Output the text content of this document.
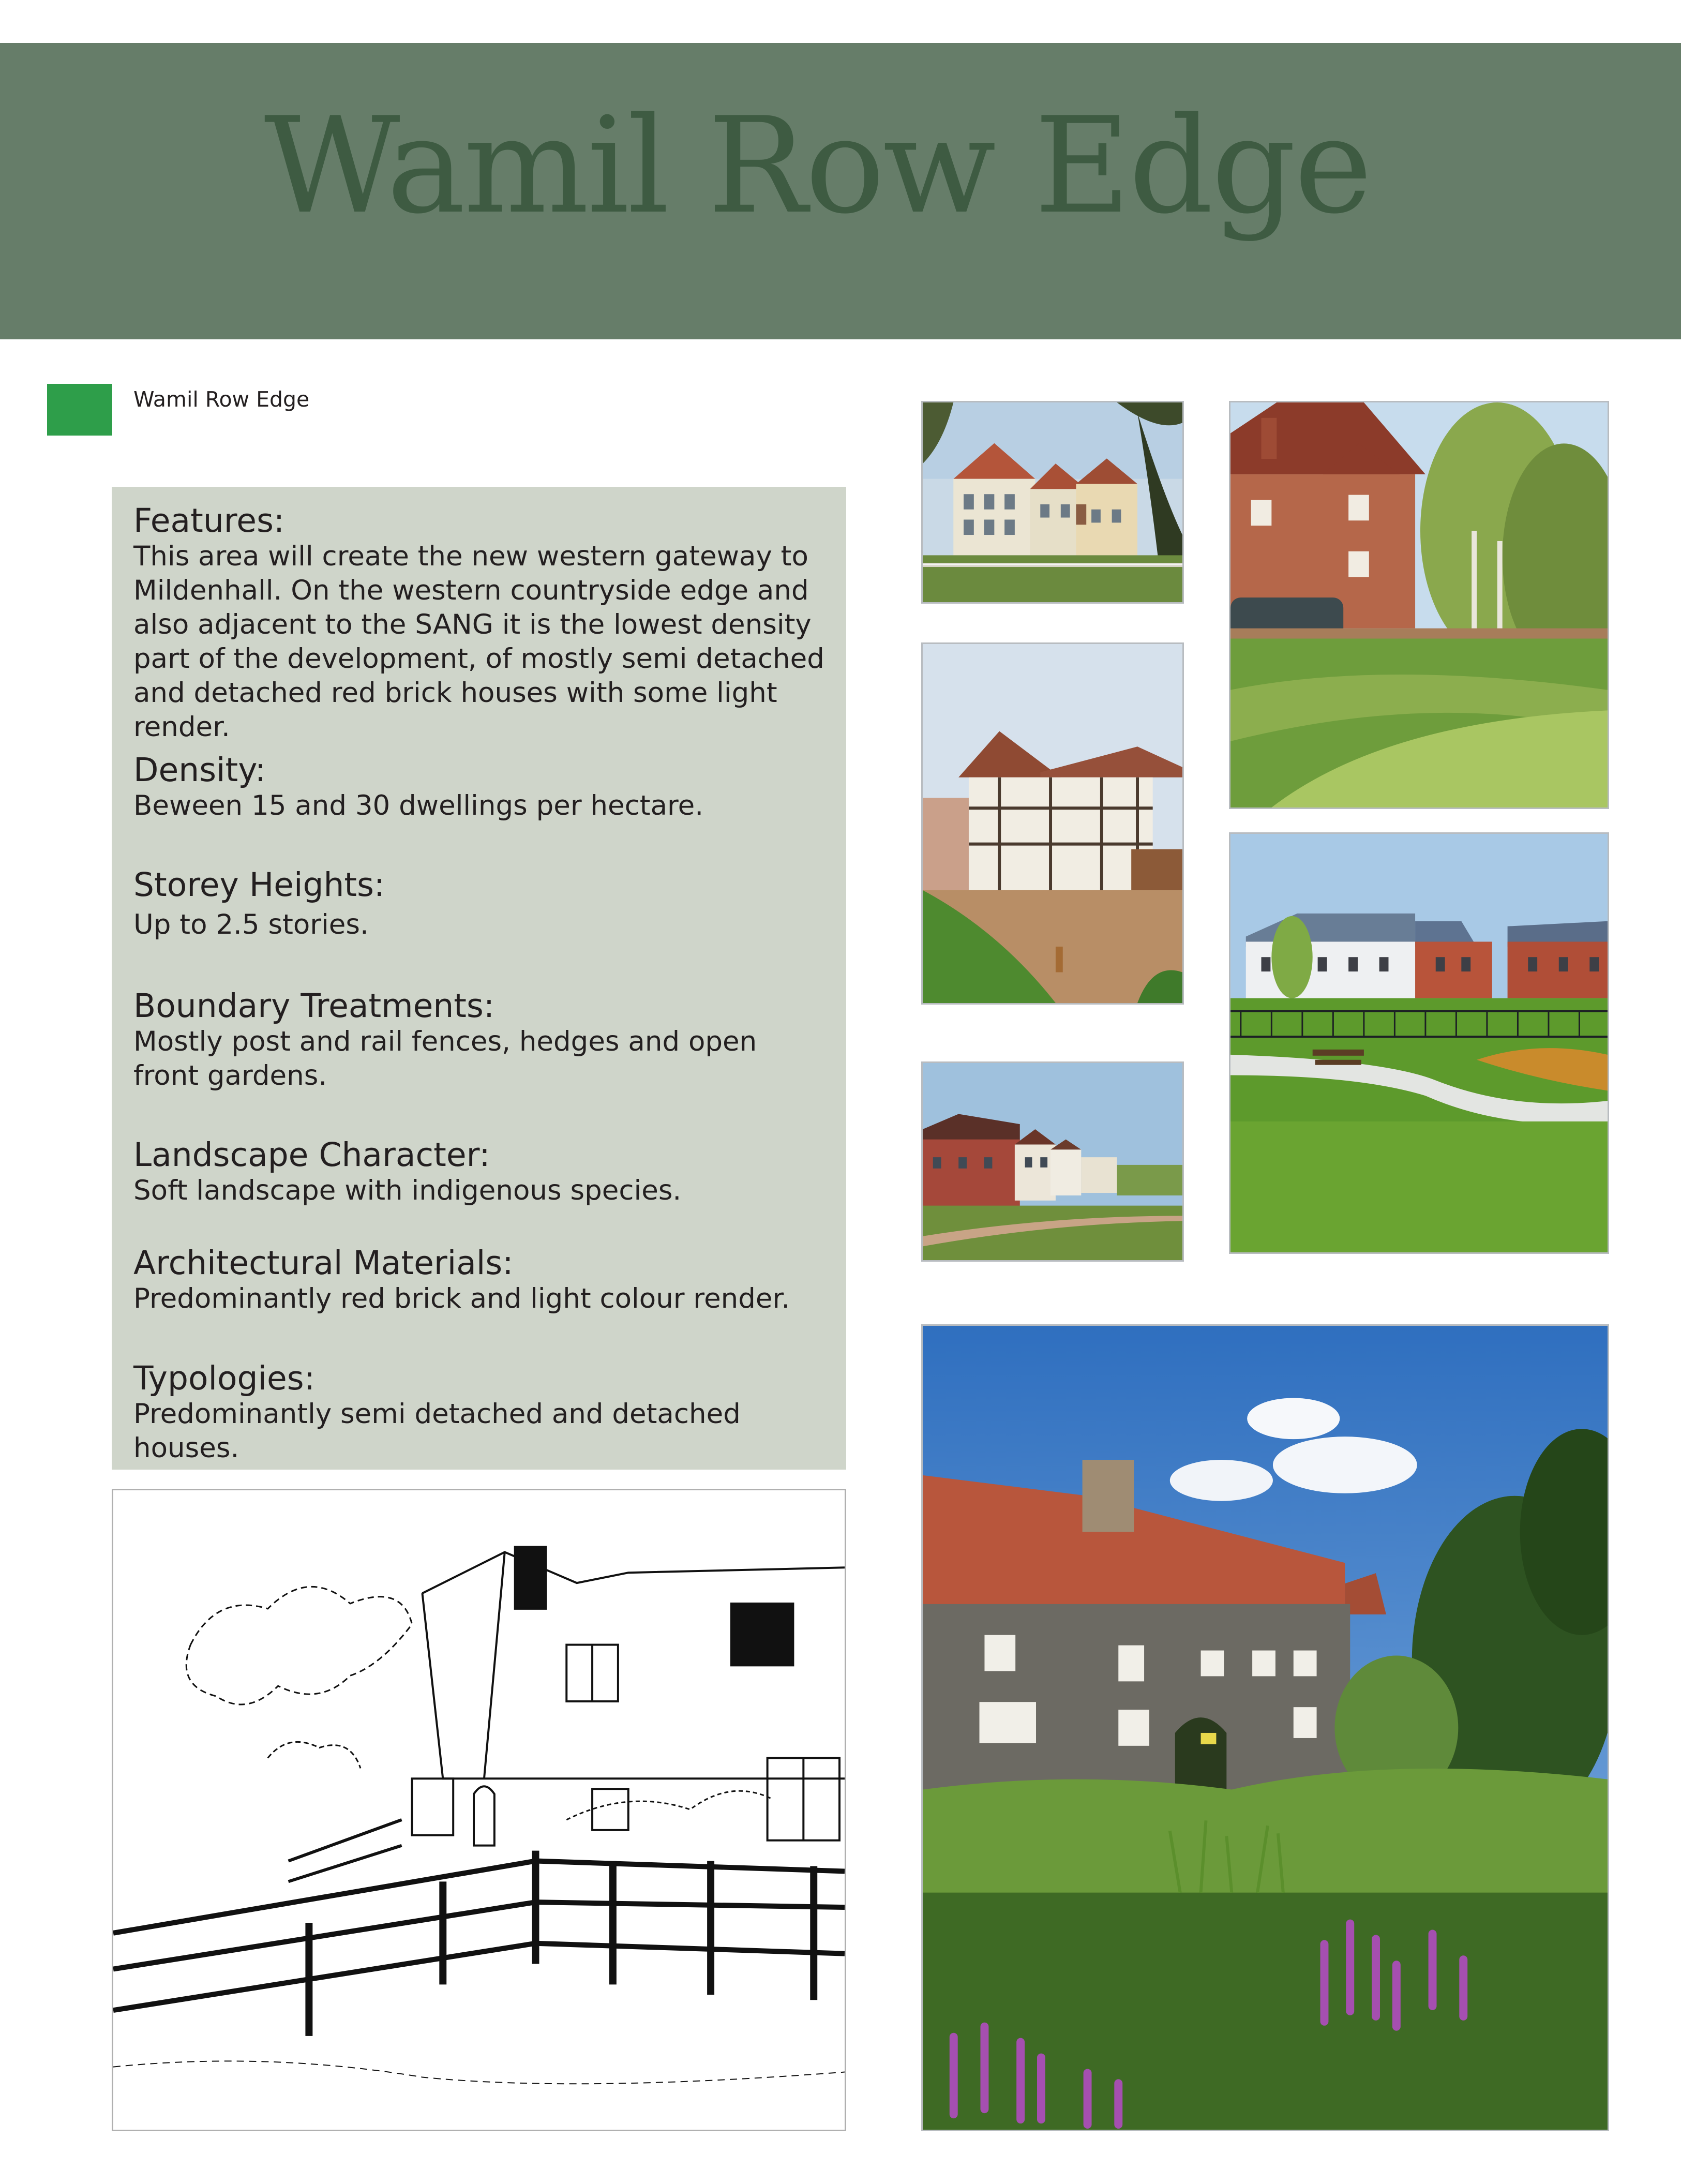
Wamil Row Edge
Wamil Row Edge
Features:

This area will create the new western gateway to Mildenhall. On the western countryside edge and also adjacent to the SANG it is the lowest density part of the development, of mostly semi detached and detached red brick houses with some light render.

Density:

Beween 15 and 30 dwellings per hectare.

Storey Heights:

Up to 2.5 stories.

Boundary Treatments:

Mostly post and rail fences, hedges and open front gardens.

Landscape Character:

Soft landscape with indigenous species.

Architectural Materials:

Predominantly red brick and light colour render.

Typologies:

Predominantly semi detached and detached houses.
